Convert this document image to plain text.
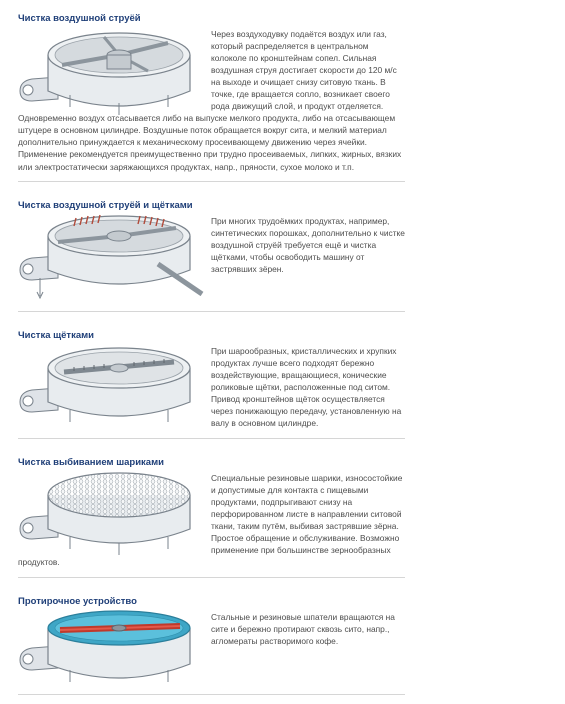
Чистка воздушной струёй

Через воздуходувку подаётся воздух или газ, который распределяется в центральном колоколе по кронштейнам сопел. Сильная воздушная струя достигает скорости до 120 м/с на выходе и очищает снизу ситовую ткань. В точке, где вращается сопло, возникает своего рода движущий слой, и продукт отделяется.
Одновременно воздух отсасывается либо на выпуске мелкого продукта, либо на отсасывающем штуцере в основном цилиндре. Воздушные поток обращается вокруг сита, и мелкий материал дополнительно принуждается к механическому просеивающему движению через ячейки. Применение рекомендуется преимущественно при трудно просеиваемых, липких, жирных, вязких или электростатически заряжающихся продуктах, напр., пряности, сухое молоко и т.п.

Чистка воздушной струёй и щётками

При многих трудоёмких продуктах, например, синтетических порошках, дополнительно к чистке воздушной струёй требуется ещё и чистка щётками, чтобы освободить машину от застрявших зёрен.

Чистка щётками

При шарообразных, кристаллических и хрупких продуктах лучше всего подходят бережно воздействующие, вращающиеся, конические роликовые щётки, расположенные под ситом. Привод кронштейнов щёток осуществляется через понижающую передачу, установленную на валу в основном цилиндре.

Чистка выбиванием шариками

Специальные резиновые шарики, износостойкие и допустимые для контакта с пищевыми продуктами, подпрыгивают снизу на перфорированном листе в направлении ситовой ткани, таким путём, выбивая застрявшие зёрна. Простое обращение и обслуживание. Возможно применение при большинстве зернообразных
продуктов.

Протирочное устройство

Стальные и резиновые шпатели вращаются на сите и бережно протирают сквозь сито, напр., агломераты растворимого кофе.
